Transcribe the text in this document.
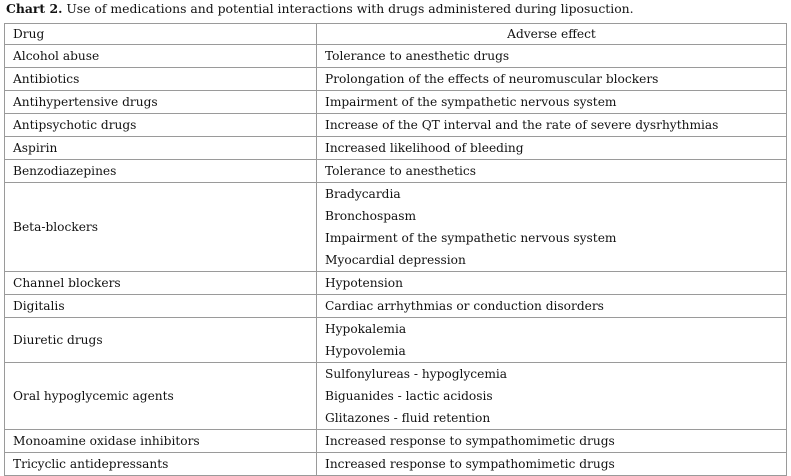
Chart 2. Use of medications and potential interactions with drugs administered during liposuction.
Drug	Adverse effect
Alcohol abuse	Tolerance to anesthetic drugs

Antibiotics	Prolongation of the effects of neuromuscular blockers

Antihypertensive drugs	Impairment of the sympathetic nervous system

Antipsychotic drugs	Increase of the QT interval and the rate of severe dysrhythmias

Aspirin	Increased likelihood of bleeding

Benzodiazepines	Tolerance to anesthetics

Beta-blockers	Bradycardia
Bronchospasm
Impairment of the sympathetic nervous system
Myocardial depression

Channel blockers	Hypotension

Digitalis	Cardiac arrhythmias or conduction disorders

Diuretic drugs	Hypokalemia
Hypovolemia

Oral hypoglycemic agents	Sulfonylureas - hypoglycemia
Biguanides - lactic acidosis
Glitazones - fluid retention

Monoamine oxidase inhibitors	Increased response to sympathomimetic drugs

Tricyclic antidepressants	Increased response to sympathomimetic drugs
